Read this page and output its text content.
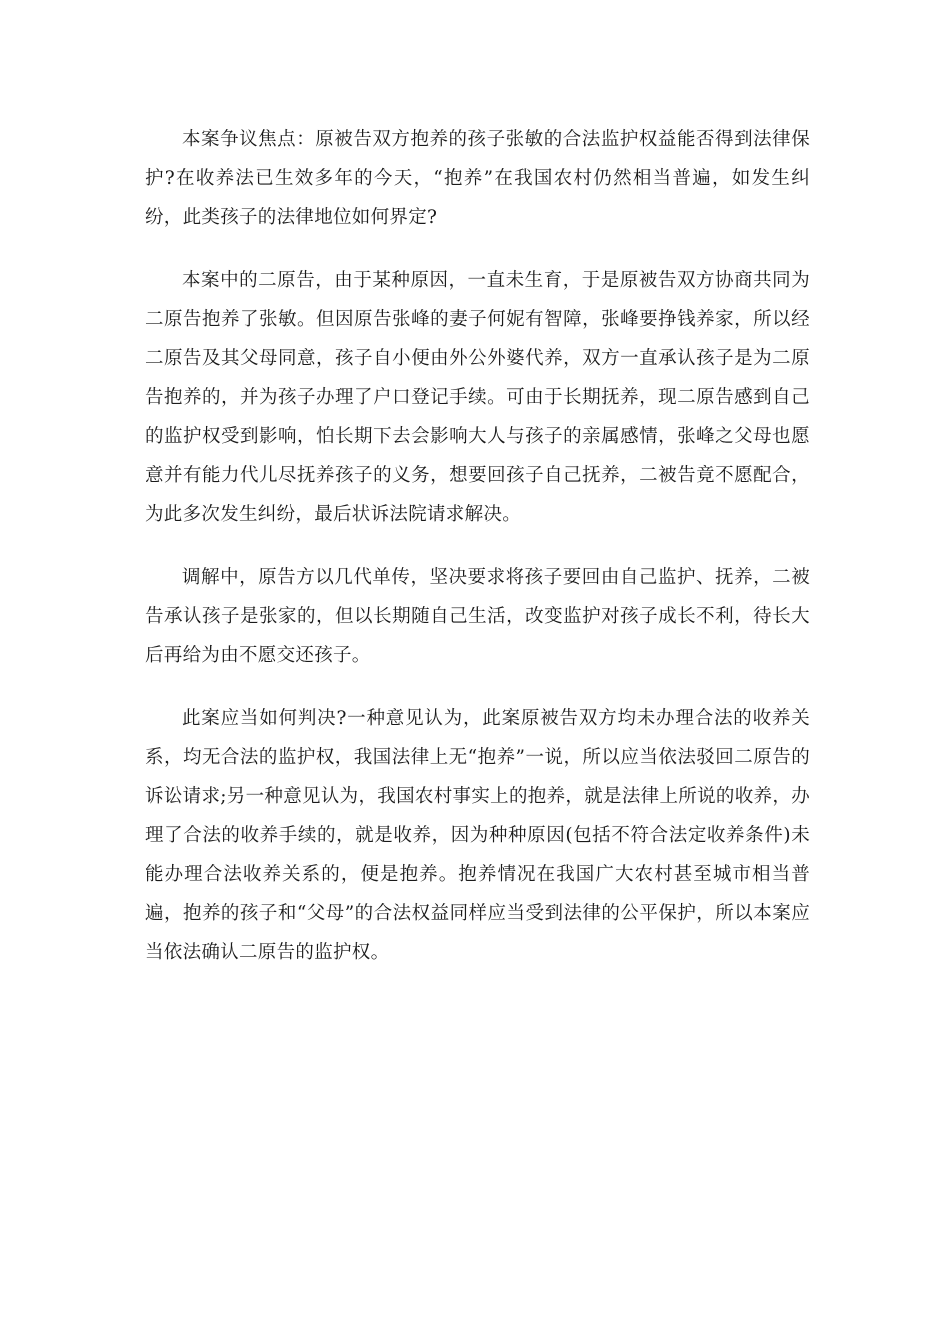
本案争议焦点：原被告双方抱养的孩子张敏的合法监护权益能否得到法律保护?在收养法已生效多年的今天，“抱养”在我国农村仍然相当普遍，如发生纠纷，此类孩子的法律地位如何界定?

本案中的二原告，由于某种原因，一直未生育，于是原被告双方协商共同为二原告抱养了张敏。但因原告张峰的妻子何妮有智障，张峰要挣钱养家，所以经二原告及其父母同意，孩子自小便由外公外婆代养，双方一直承认孩子是为二原告抱养的，并为孩子办理了户口登记手续。可由于长期抚养，现二原告感到自己的监护权受到影响，怕长期下去会影响大人与孩子的亲属感情，张峰之父母也愿意并有能力代儿尽抚养孩子的义务，想要回孩子自己抚养，二被告竟不愿配合，为此多次发生纠纷，最后状诉法院请求解决。

调解中，原告方以几代单传，坚决要求将孩子要回由自己监护、抚养，二被告承认孩子是张家的，但以长期随自己生活，改变监护对孩子成长不利，待长大后再给为由不愿交还孩子。

此案应当如何判决?一种意见认为，此案原被告双方均未办理合法的收养关系，均无合法的监护权，我国法律上无“抱养”一说，所以应当依法驳回二原告的诉讼请求;另一种意见认为，我国农村事实上的抱养，就是法律上所说的收养，办理了合法的收养手续的，就是收养，因为种种原因(包括不符合法定收养条件)未能办理合法收养关系的，便是抱养。抱养情况在我国广大农村甚至城市相当普遍，抱养的孩子和“父母”的合法权益同样应当受到法律的公平保护，所以本案应当依法确认二原告的监护权。
